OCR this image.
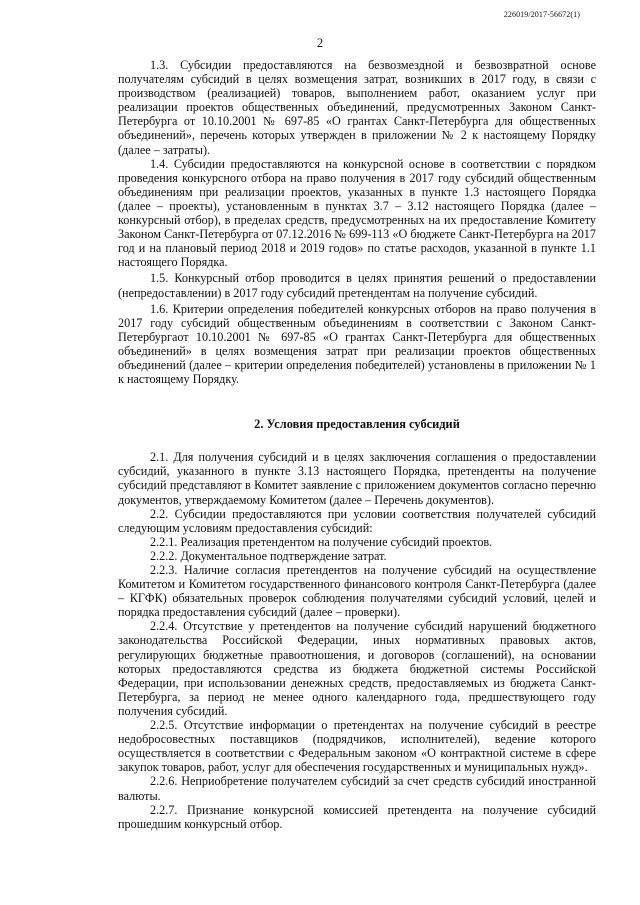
226019/2017-56672(1)
2

1.3. Субсидии предоставляются на безвозмездной и безвозвратной основе получателям субсидий в целях возмещения затрат, возникших в 2017 году, в связи с производством (реализацией) товаров, выполнением работ, оказанием услуг при реализации проектов общественных объединений, предусмотренных Законом Санкт-Петербурга от 10.10.2001 № 697-85 «О грантах Санкт-Петербурга для общественных объединений», перечень которых утвержден в приложении № 2 к настоящему Порядку (далее – затраты).

1.4. Субсидии предоставляются на конкурсной основе в соответствии с порядком проведения конкурсного отбора на право получения в 2017 году субсидий общественным объединениям при реализации проектов, указанных в пункте 1.3 настоящего Порядка (далее – проекты), установленным в пунктах 3.7 – 3.12 настоящего Порядка (далее – конкурсный отбор), в пределах средств, предусмотренных на их предоставление Комитету Законом Санкт-Петербурга от 07.12.2016 № 699-113 «О бюджете Санкт-Петербурга на 2017 год и на плановый период 2018 и 2019 годов» по статье расходов, указанной в пункте 1.1 настоящего Порядка.

1.5. Конкурсный отбор проводится в целях принятия решений о предоставлении (непредоставлении) в 2017 году субсидий претендентам на получение субсидий.

1.6. Критерии определения победителей конкурсных отборов на право получения в 2017 году субсидий общественным объединениям в соответствии с Законом Санкт-Петербургаот 10.10.2001 № 697-85 «О грантах Санкт-Петербурга для общественных объединений» в целях возмещения затрат при реализации проектов общественных объединений (далее – критерии определения победителей) установлены в приложении № 1 к настоящему Порядку.

2. Условия предоставления субсидий

2.1. Для получения субсидий и в целях заключения соглашения о предоставлении субсидий, указанного в пункте 3.13 настоящего Порядка, претенденты на получение субсидий представляют в Комитет заявление с приложением документов согласно перечню документов, утверждаемому Комитетом (далее – Перечень документов).

2.2. Субсидии предоставляются при условии соответствия получателей субсидий следующим условиям предоставления субсидий:

2.2.1. Реализация претендентом на получение субсидий проектов.

2.2.2. Документальное подтверждение затрат.

2.2.3. Наличие согласия претендентов на получение субсидий на осуществление Комитетом и Комитетом государственного финансового контроля Санкт-Петербурга (далее – КГФК) обязательных проверок соблюдения получателями субсидий условий, целей и порядка предоставления субсидий (далее – проверки).

2.2.4. Отсутствие у претендентов на получение субсидий нарушений бюджетного законодательства Российской Федерации, иных нормативных правовых актов, регулирующих бюджетные правоотношения, и договоров (соглашений), на основании которых предоставляются средства из бюджета бюджетной системы Российской Федерации, при использовании денежных средств, предоставляемых из бюджета Санкт-Петербурга, за период не менее одного календарного года, предшествующего году получения субсидий.

2.2.5. Отсутствие информации о претендентах на получение субсидий в реестре недобросовестных поставщиков (подрядчиков, исполнителей), ведение которого осуществляется в соответствии с Федеральным законом «О контрактной системе в сфере закупок товаров, работ, услуг для обеспечения государственных и муниципальных нужд».

2.2.6. Неприобретение получателем субсидий за счет средств субсидий иностранной валюты.

2.2.7. Признание конкурсной комиссией претендента на получение субсидий прошедшим конкурсный отбор.
